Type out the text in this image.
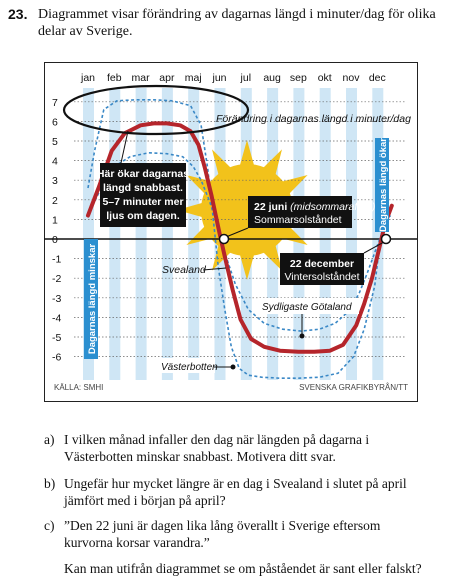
23. Diagrammet visar förändring av dagarnas längd i minuter/dag för olika delar av Sverige.
7
6
5
4
3
2
1
0
-1
-2
-3
-4
-5
-6
jan feb mar apr maj jun jul aug sep okt nov dec
Här ökar dagarnas
längd snabbast.
5–7 minuter mer
ljus om dagen.
Förändring i dagarnas längd i minuter/dag
22 juni (midsommarafton)
Sommarsolståndet
22 december
Vintersolståndet
Svealand
Sydligaste Götaland
Västerbotten
Dagarnas längd ökar
Dagarnas längd minskar
KÄLLA: SMHI	SVENSKA GRAFIKBYRÅN/TT
a) I vilken månad infaller den dag när längden på dagarna i Västerbotten minskar snabbast. Motivera ditt svar.
b) Ungefär hur mycket längre är en dag i Svealand i slutet på april jämfört med i början på april?
c) ”Den 22 juni är dagen lika lång överallt i Sverige eftersom kurvorna korsar varandra.”
Kan man utifrån diagrammet se om påståendet är sant eller falskt?
